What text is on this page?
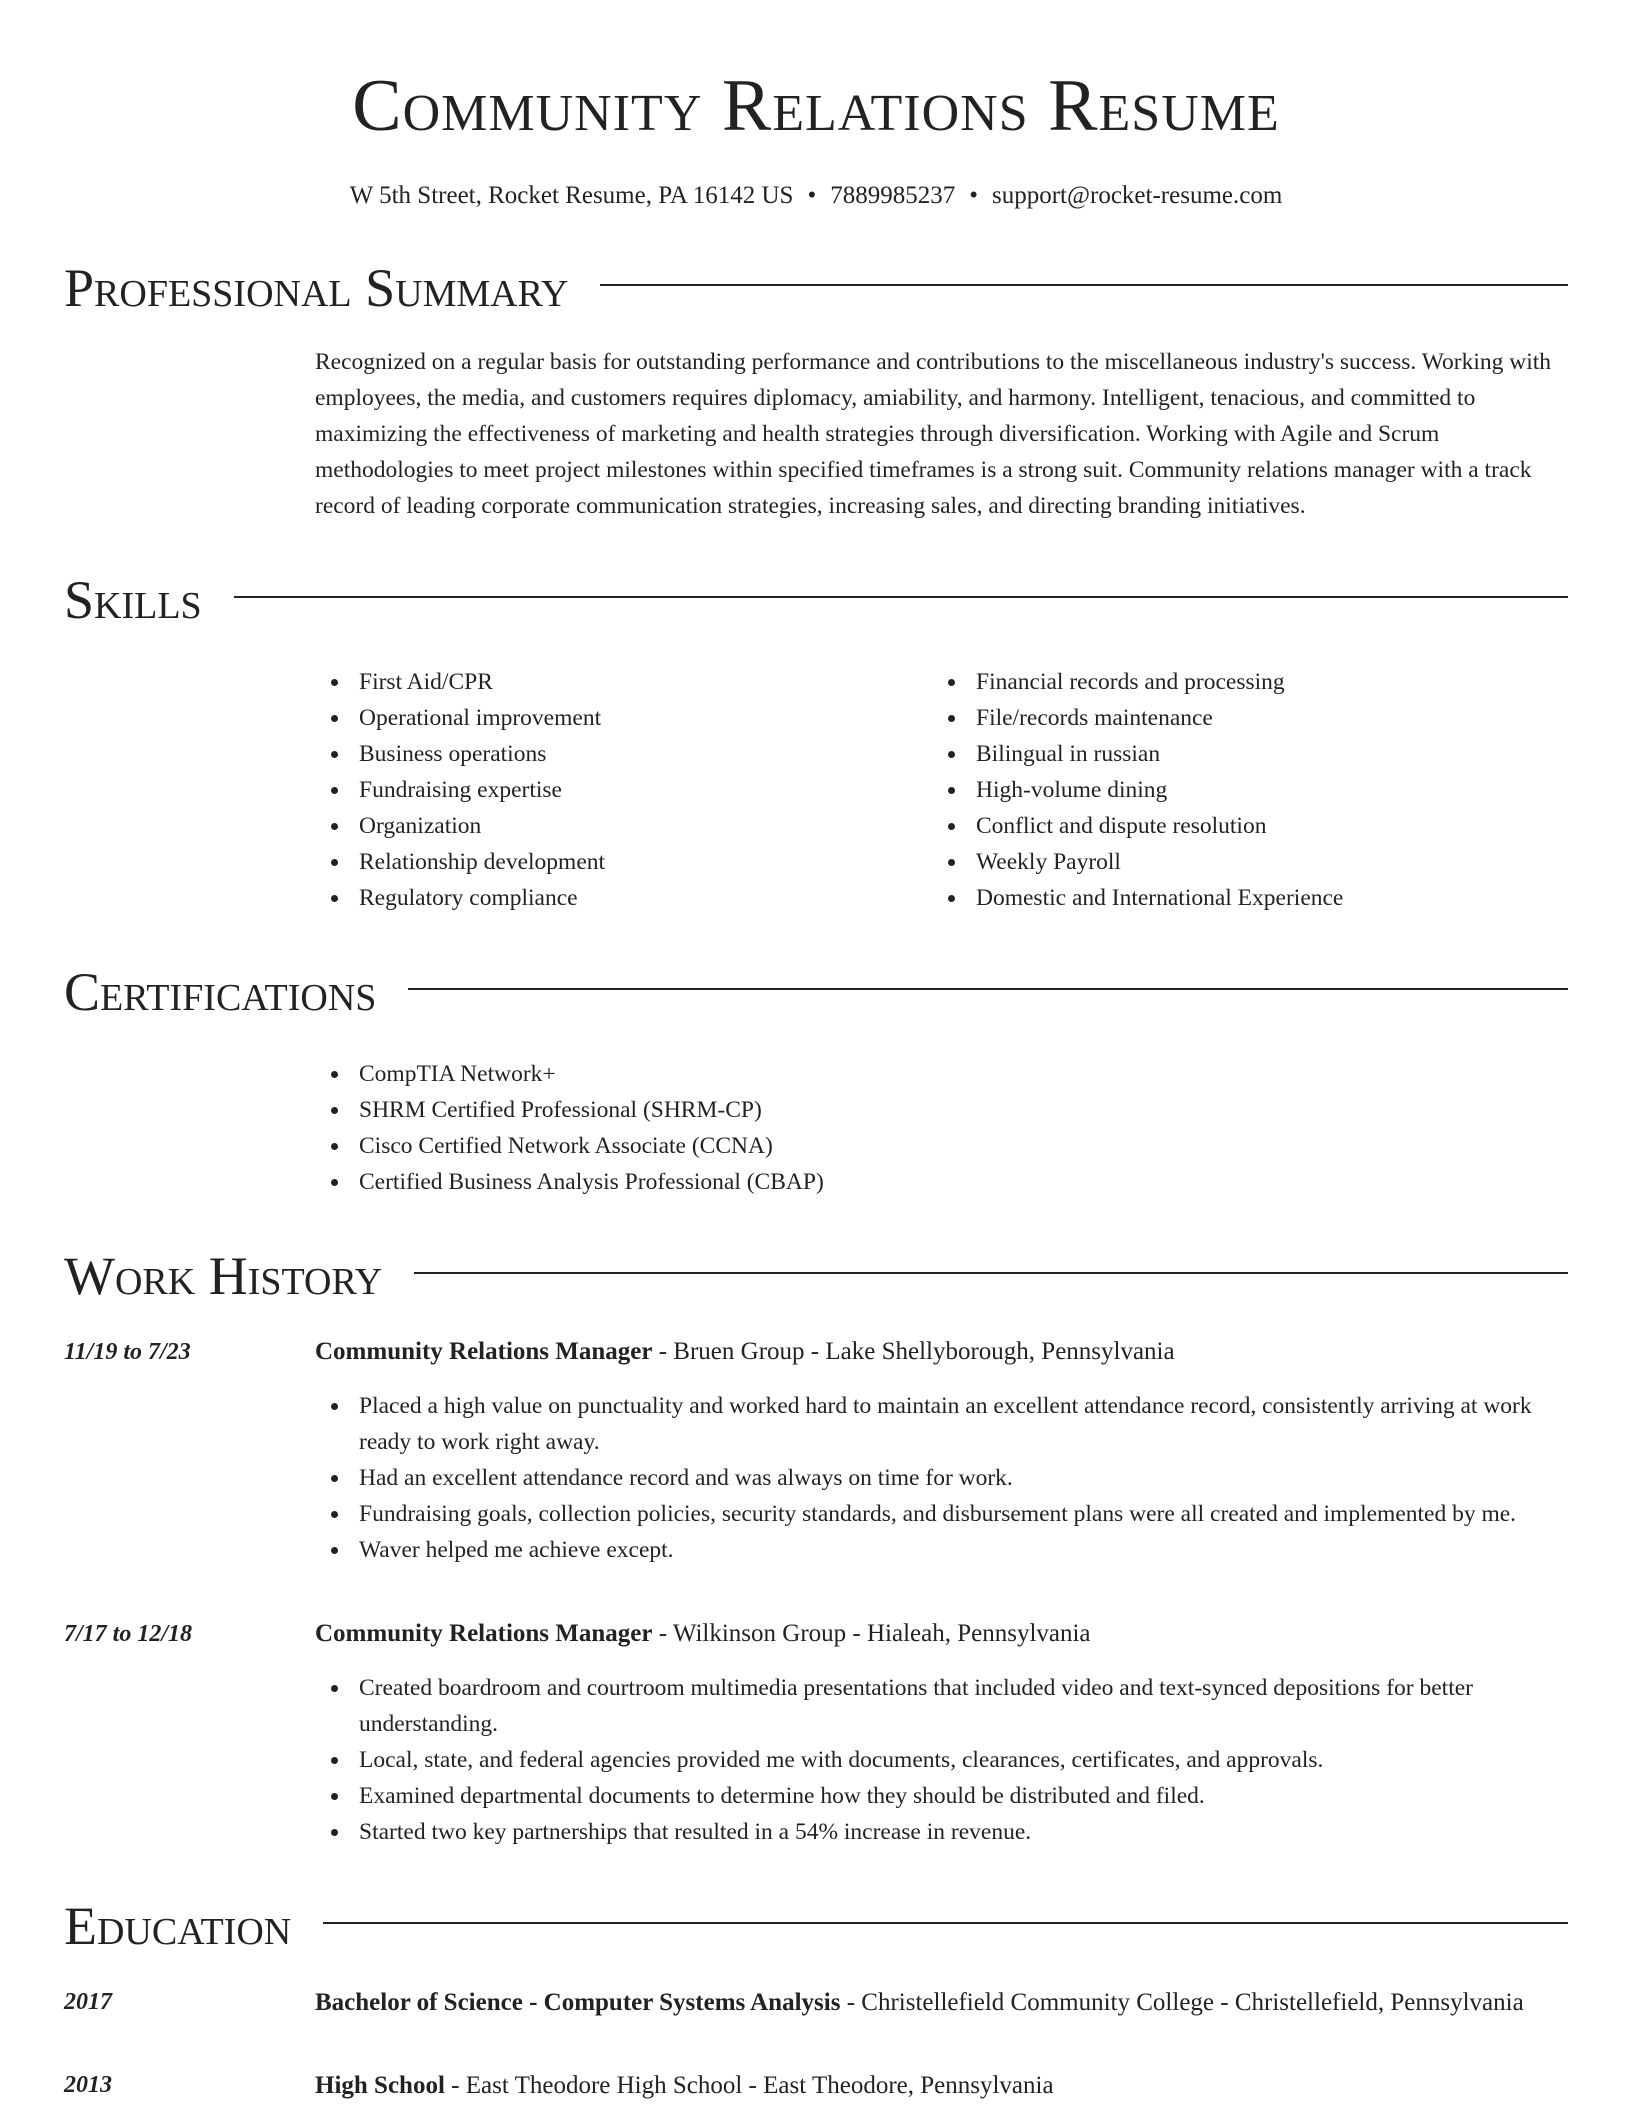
Community Relations Resume
W 5th Street, Rocket Resume, PA 16142 US • 7889985237 • support@rocket-resume.com
Professional Summary

Recognized on a regular basis for outstanding performance and contributions to the miscellaneous industry's success. Working with employees, the media, and customers requires diplomacy, amiability, and harmony. Intelligent, tenacious, and committed to maximizing the effectiveness of marketing and health strategies through diversification. Working with Agile and Scrum methodologies to meet project milestones within specified timeframes is a strong suit. Community relations manager with a track record of leading corporate communication strategies, increasing sales, and directing branding initiatives.

Skills
First Aid/CPR
Operational improvement
Business operations
Fundraising expertise
Organization
Relationship development
Regulatory compliance
Financial records and processing
File/records maintenance
Bilingual in russian
High-volume dining
Conflict and dispute resolution
Weekly Payroll
Domestic and International Experience
Certifications
CompTIA Network+
SHRM Certified Professional (SHRM-CP)
Cisco Certified Network Associate (CCNA)
Certified Business Analysis Professional (CBAP)
Work History
11/19 to 7/23	Community Relations Manager - Bruen Group - Lake Shellyborough, Pennsylvania
Placed a high value on punctuality and worked hard to maintain an excellent attendance record, consistently arriving at work ready to work right away.
Had an excellent attendance record and was always on time for work.
Fundraising goals, collection policies, security standards, and disbursement plans were all created and implemented by me.
Waver helped me achieve except.
7/17 to 12/18	Community Relations Manager - Wilkinson Group - Hialeah, Pennsylvania
Created boardroom and courtroom multimedia presentations that included video and text-synced depositions for better understanding.
Local, state, and federal agencies provided me with documents, clearances, certificates, and approvals.
Examined departmental documents to determine how they should be distributed and filed.
Started two key partnerships that resulted in a 54% increase in revenue.
Education
2017	Bachelor of Science - Computer Systems Analysis - Christellefield Community College - Christellefield, Pennsylvania
2013	High School - East Theodore High School - East Theodore, Pennsylvania
